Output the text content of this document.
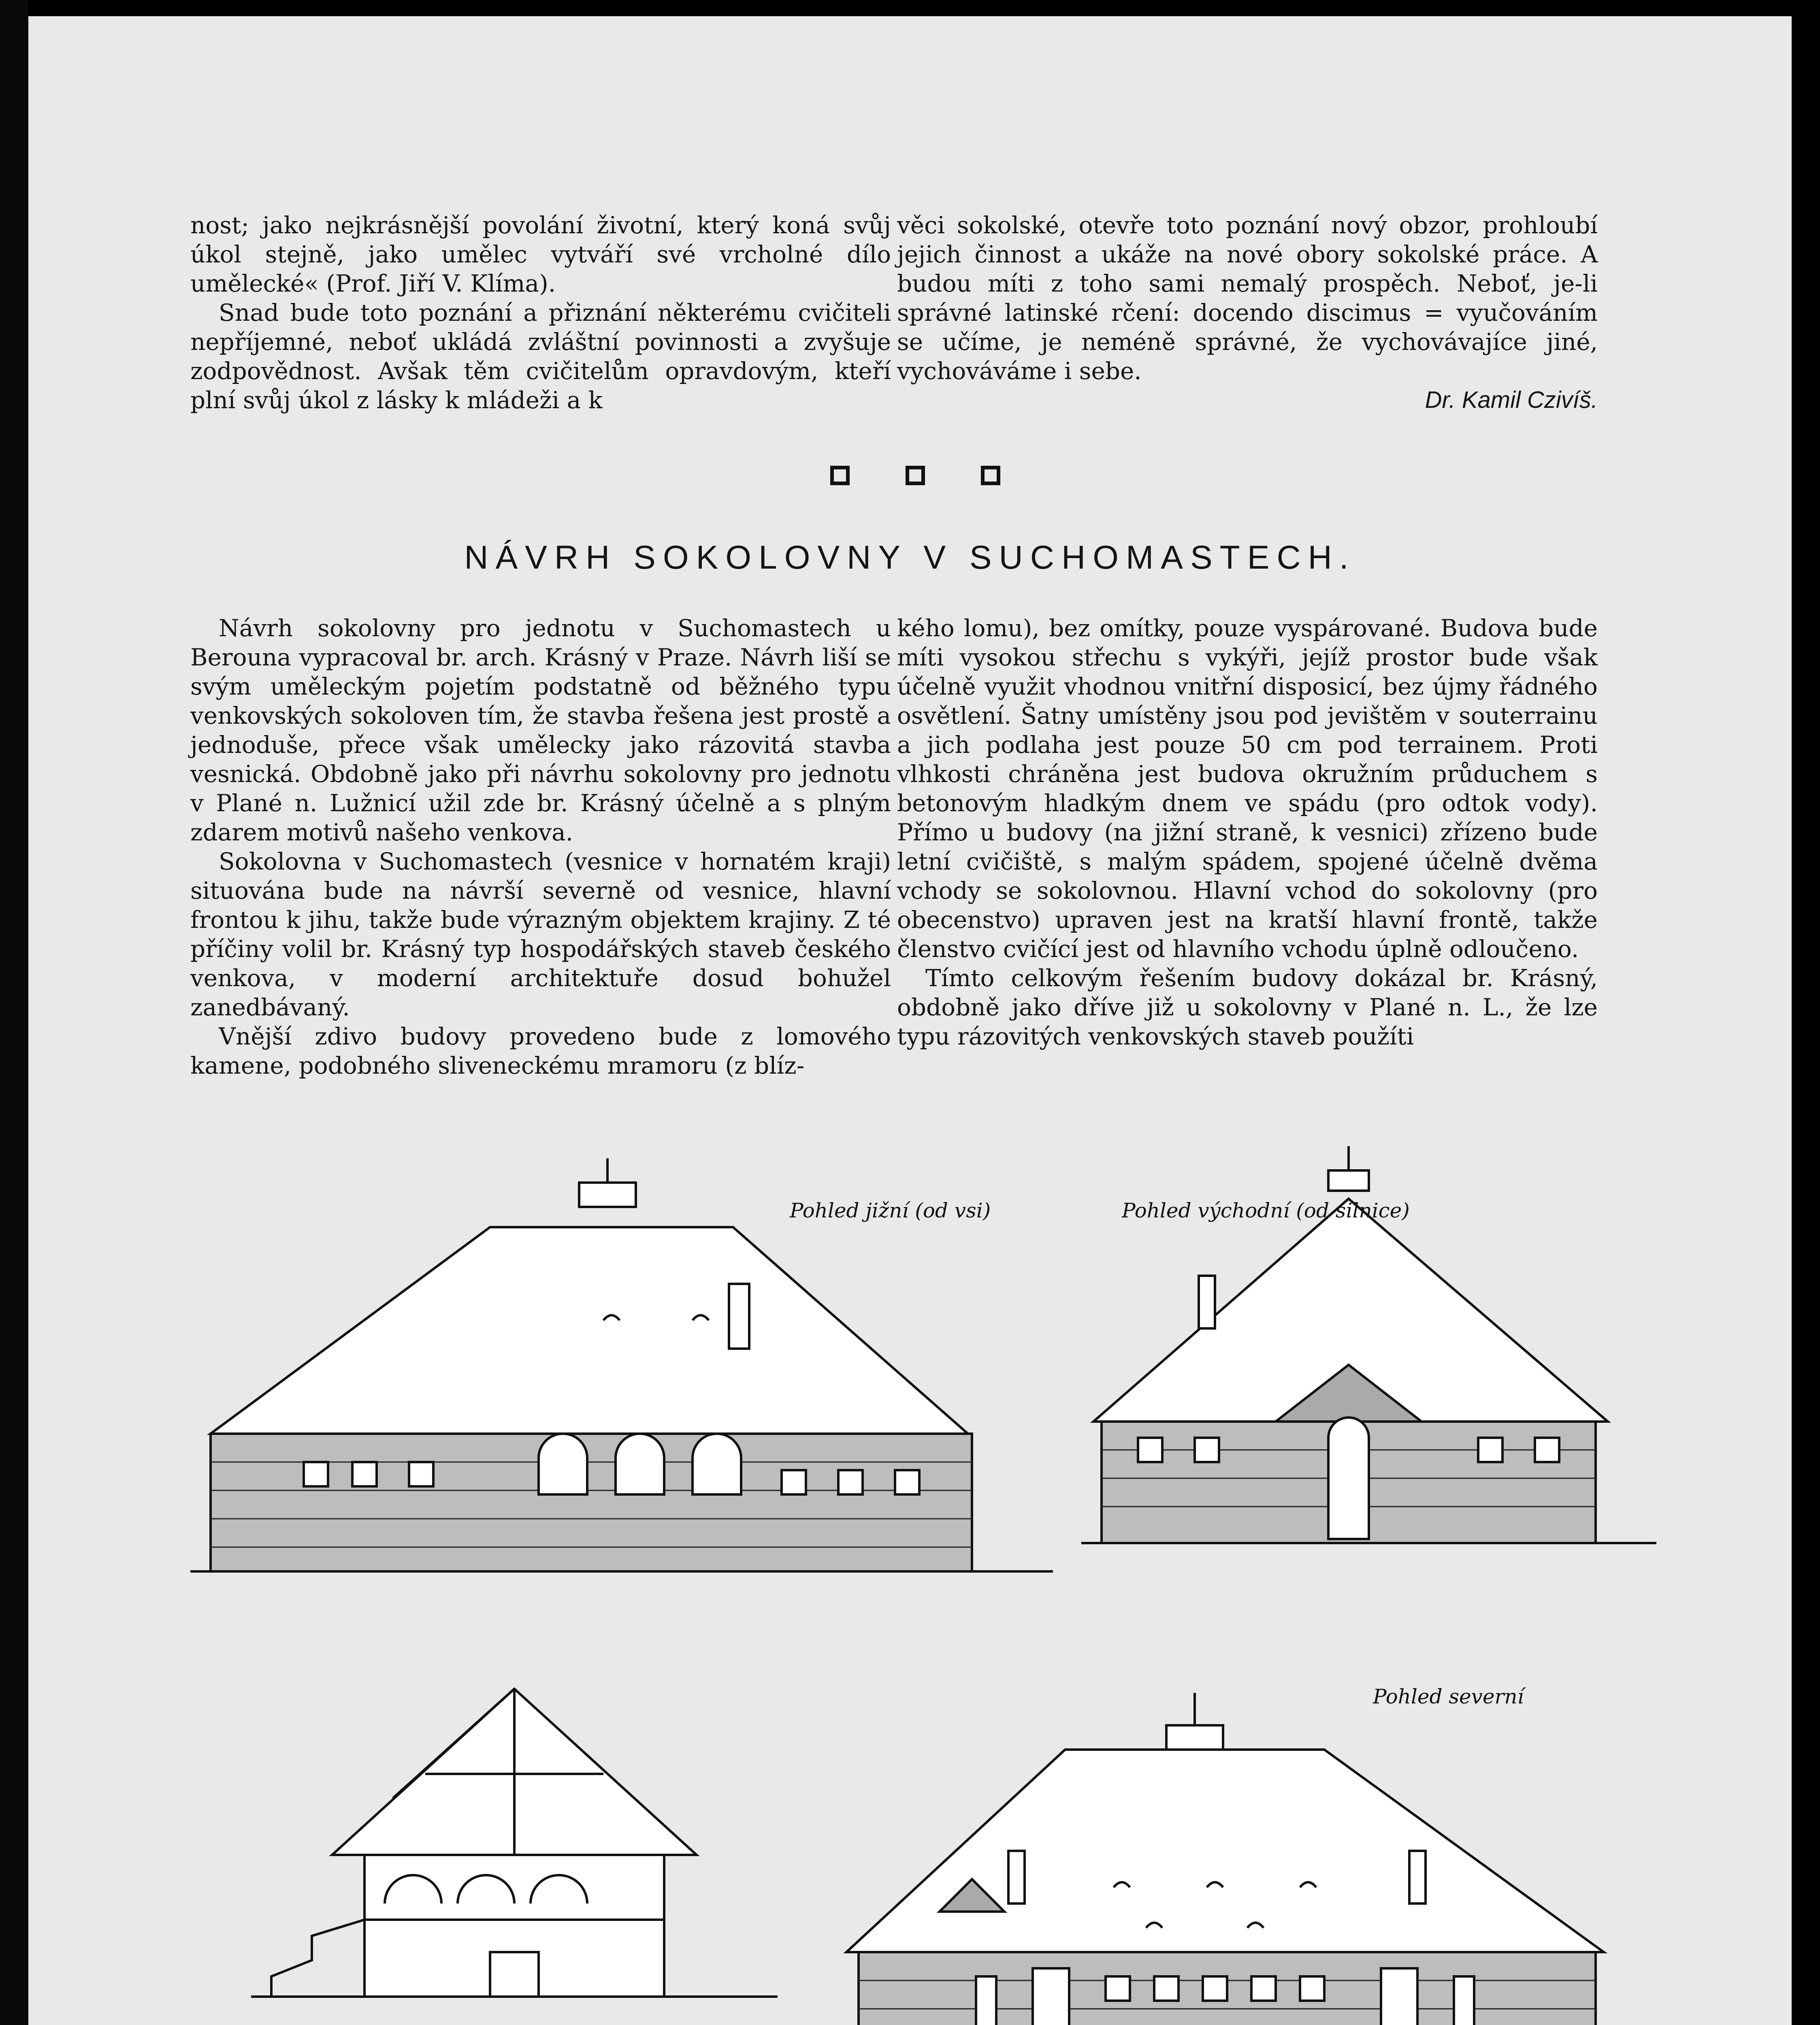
nost; jako nejkrásnější povolání životní, který koná svůj úkol stejně, jako umělec vytváří své vrcholné dílo umělecké« (Prof. Jiří V. Klíma).

Snad bude toto poznání a přiznání některému cvičiteli nepříjemné, neboť ukládá zvláštní povinnosti a zvyšuje zodpovědnost. Avšak těm cvičitelům opravdovým, kteří plní svůj úkol z lásky k mládeži a k

věci sokolské, otevře toto poznání nový obzor, prohloubí jejich činnost a ukáže na nové obory sokolské práce. A budou míti z toho sami nemalý prospěch. Neboť, je-li správné latinské rčení: docendo discimus = vyučováním se učíme, je neméně správné, že vychovávajíce jiné, vychováváme i sebe.

Dr. Kamil Czivíš.

NÁVRH SOKOLOVNY V SUCHOMASTECH.

Návrh sokolovny pro jednotu v Suchomastech u Berouna vypracoval br. arch. Krásný v Praze. Návrh liší se svým uměleckým pojetím podstatně od běžného typu venkovských sokoloven tím, že stavba řešena jest prostě a jednoduše, přece však umělecky jako rázovitá stavba vesnická. Obdobně jako při návrhu sokolovny pro jednotu v Plané n. Lužnicí užil zde br. Krásný účelně a s plným zdarem motivů našeho venkova.

Sokolovna v Suchomastech (vesnice v hornatém kraji) situována bude na návrší severně od vesnice, hlavní frontou k jihu, takže bude výrazným objektem krajiny. Z té příčiny volil br. Krásný typ hospodářských staveb českého venkova, v moderní architektuře dosud bohužel zanedbávaný.

Vnější zdivo budovy provedeno bude z lomového kamene, podobného sliveneckému mramoru (z blíz-

kého lomu), bez omítky, pouze vyspárované. Budova bude míti vysokou střechu s vykýři, jejíž prostor bude však účelně využit vhodnou vnitřní disposicí, bez újmy řádného osvětlení. Šatny umístěny jsou pod jevištěm v souterrainu a jich podlaha jest pouze 50 cm pod terrainem. Proti vlhkosti chráněna jest budova okružním průduchem s betonovým hladkým dnem ve spádu (pro odtok vody). Přímo u budovy (na jižní straně, k vesnici) zřízeno bude letní cvičiště, s malým spádem, spojené účelně dvěma vchody se sokolovnou. Hlavní vchod do sokolovny (pro obecenstvo) upraven jest na kratší hlavní frontě, takže členstvo cvičící jest od hlavního vchodu úplně odloučeno.

Tímto celkovým řešením budovy dokázal br. Krásný, obdobně jako dříve již u sokolovny v Plané n. L., že lze typu rázovitých venkovských staveb použíti

Pohled jižní (od vsi)	Pohled východní (od silnice)
Pohled severní
